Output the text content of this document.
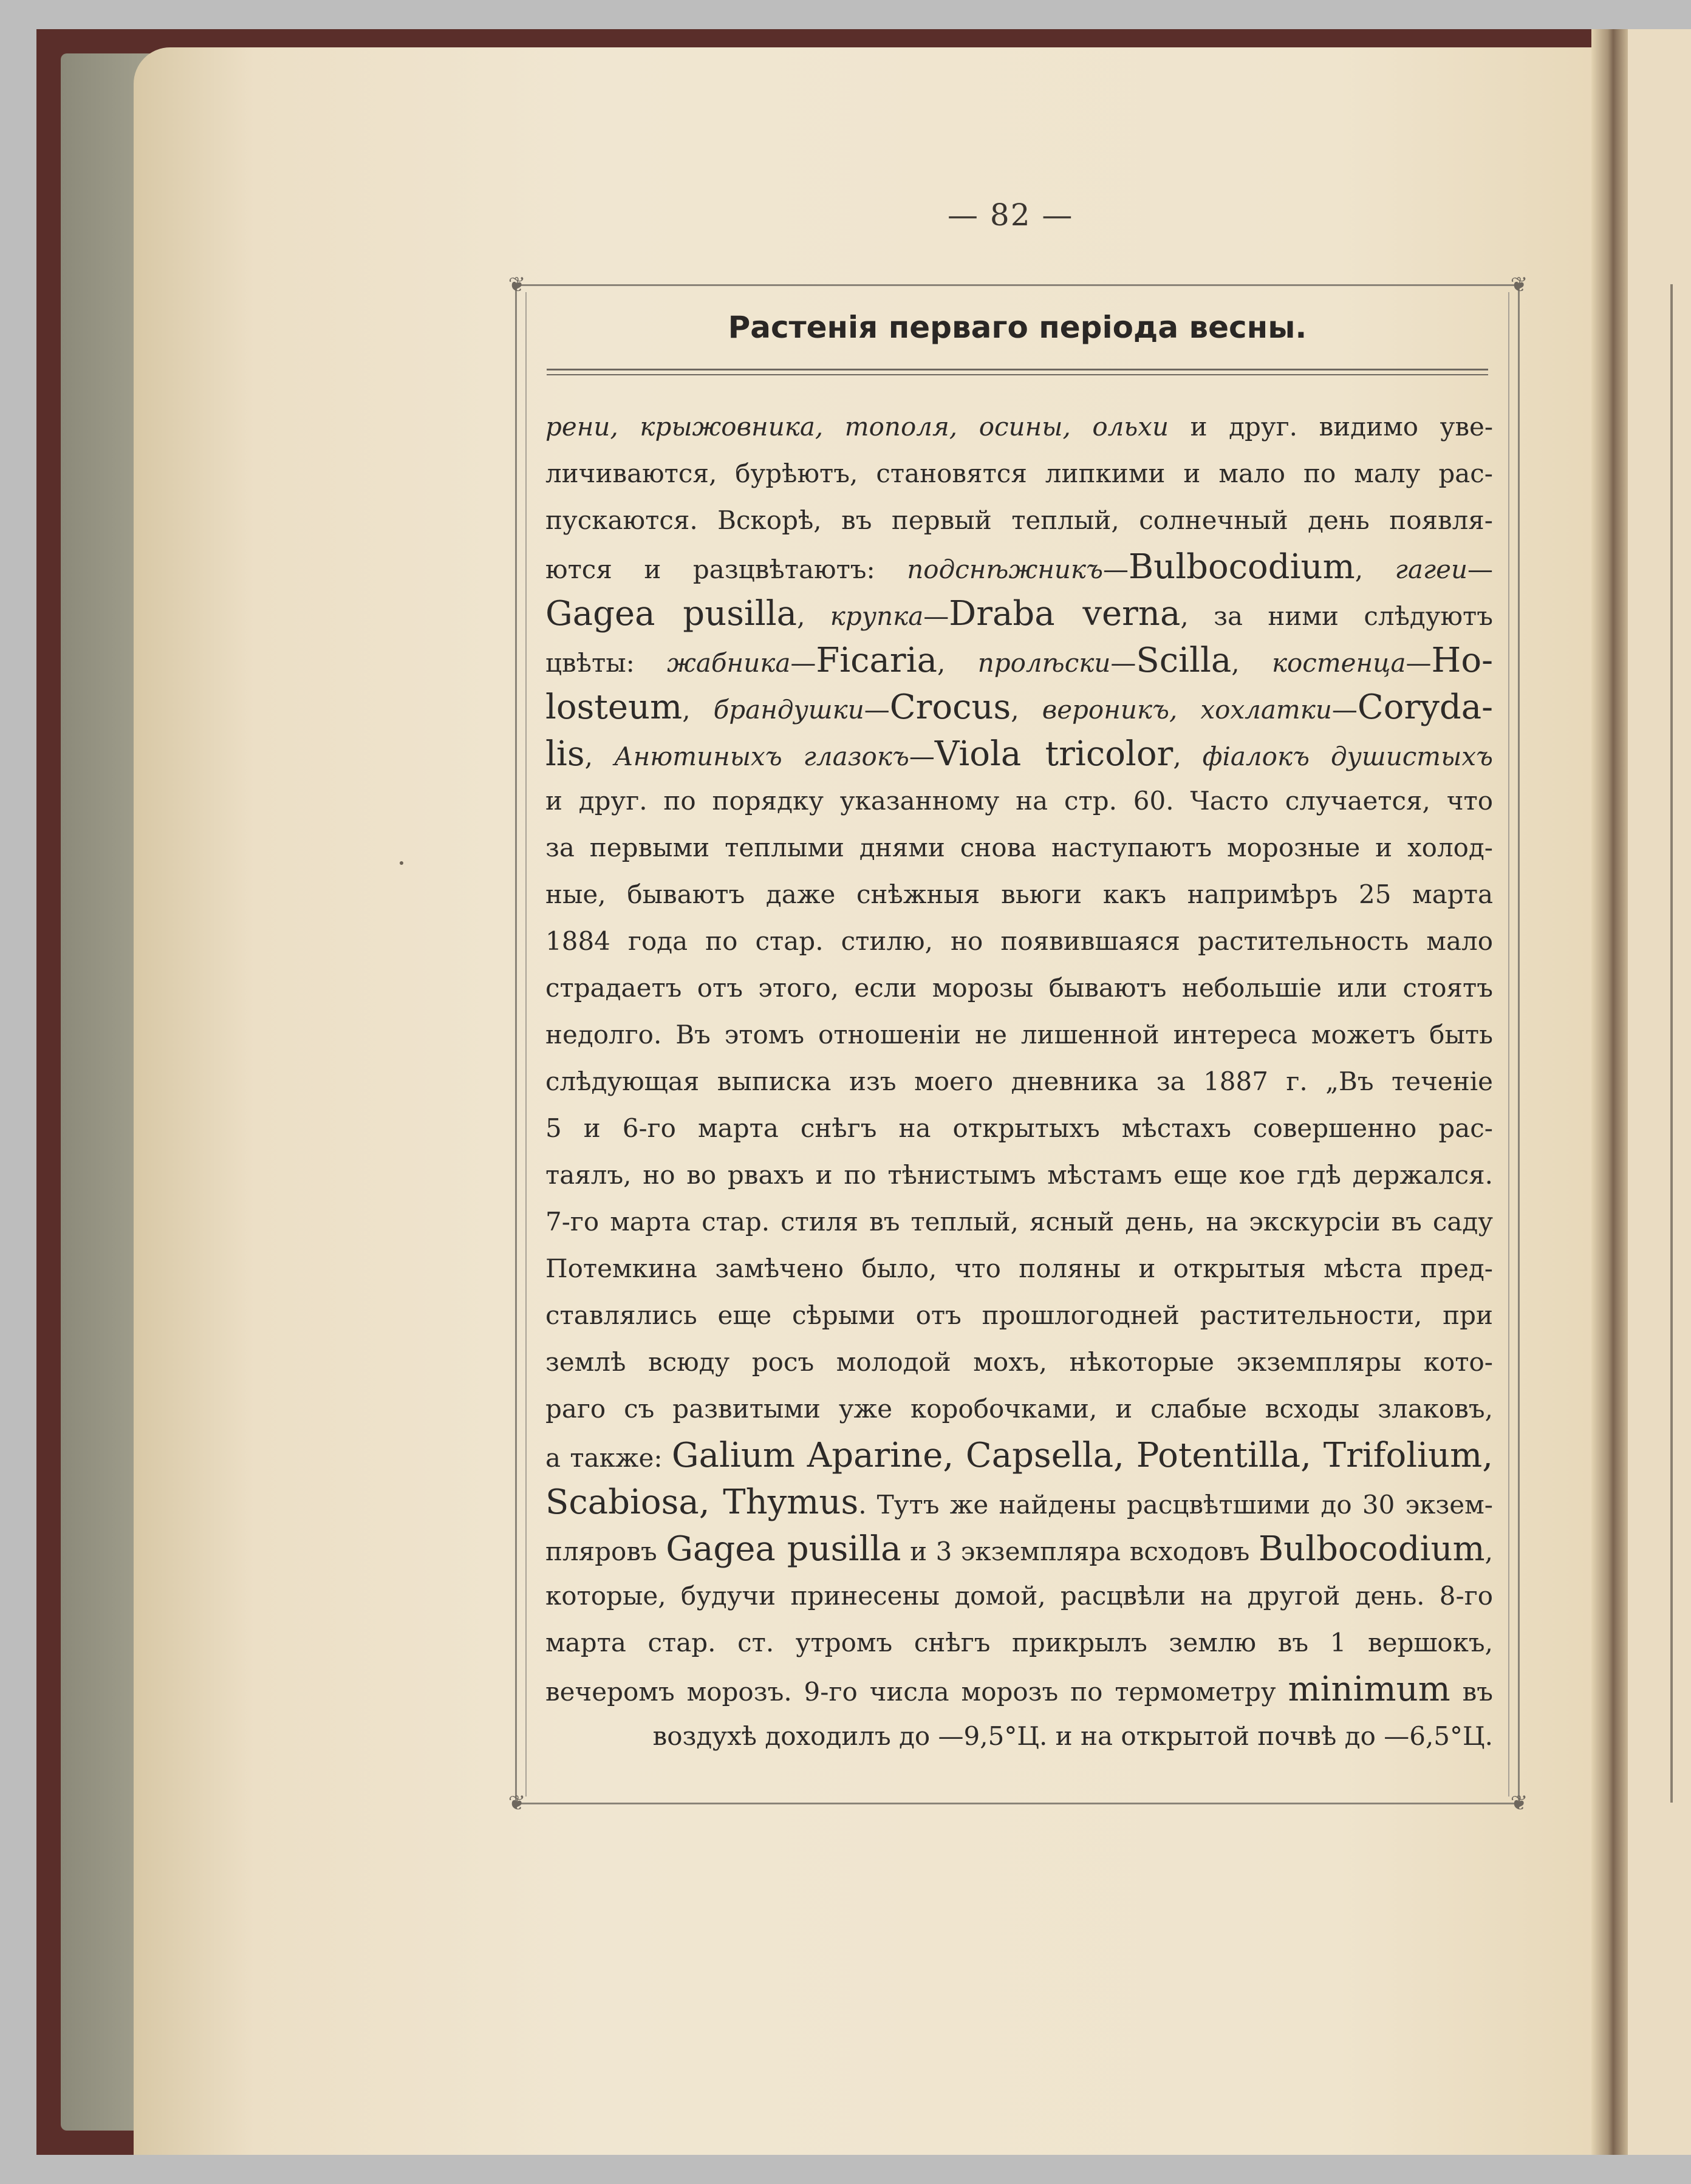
— 82 —
❦	❦
❦	❦
Растенія перваго періода весны.
рени, крыжовника, тополя, осины, ольхи и друг. видимо уве-
личиваются, бурѣютъ, становятся липкими и мало по малу рас-
пускаются. Вскорѣ, въ первый теплый, солнечный день появля-
ются и разцвѣтаютъ: подснѣжникъ—Bulbocodium, гагеи—
Gagea pusilla, крупка—Draba verna, за ними слѣдуютъ
цвѣты: жабника—Ficaria, пролѣски—Scilla, костенца—Ho-
losteum, брандушки—Crocus, вероникъ, хохлатки—Coryda-
lis, Анютиныхъ глазокъ—Viola tricolor, фіалокъ душистыхъ
и друг. по порядку указанному на стр. 60. Часто случается, что
за первыми теплыми днями снова наступаютъ морозные и холод-
ные, бываютъ даже снѣжныя вьюги какъ напримѣръ 25 марта
1884 года по стар. стилю, но появившаяся растительность мало
страдаетъ отъ этого, если морозы бываютъ небольшіе или стоятъ
недолго. Въ этомъ отношеніи не лишенной интереса можетъ быть
слѣдующая выписка изъ моего дневника за 1887 г. „Въ теченіе
5 и 6-го марта снѣгъ на открытыхъ мѣстахъ совершенно рас-
таялъ, но во рвахъ и по тѣнистымъ мѣстамъ еще кое гдѣ держался.
7-го марта стар. стиля въ теплый, ясный день, на экскурсіи въ саду
Потемкина замѣчено было, что поляны и открытыя мѣста пред-
ставлялись еще сѣрыми отъ прошлогодней растительности, при
землѣ всюду росъ молодой мохъ, нѣкоторые экземпляры кото-
раго съ развитыми уже коробочками, и слабые всходы злаковъ,
а также: Galium Aparine, Capsella, Potentilla, Trifolium,
Scabiosa, Thymus. Тутъ же найдены расцвѣтшими до 30 экзем-
пляровъ Gagea pusilla и 3 экземпляра всходовъ Bulbocodium,
которые, будучи принесены домой, расцвѣли на другой день. 8-го
марта стар. ст. утромъ снѣгъ прикрылъ землю въ 1 вершокъ,
вечеромъ морозъ. 9-го числа морозъ по термометру minimum въ
воздухѣ доходилъ до —9,5°Ц. и на открытой почвѣ до —6,5°Ц.
